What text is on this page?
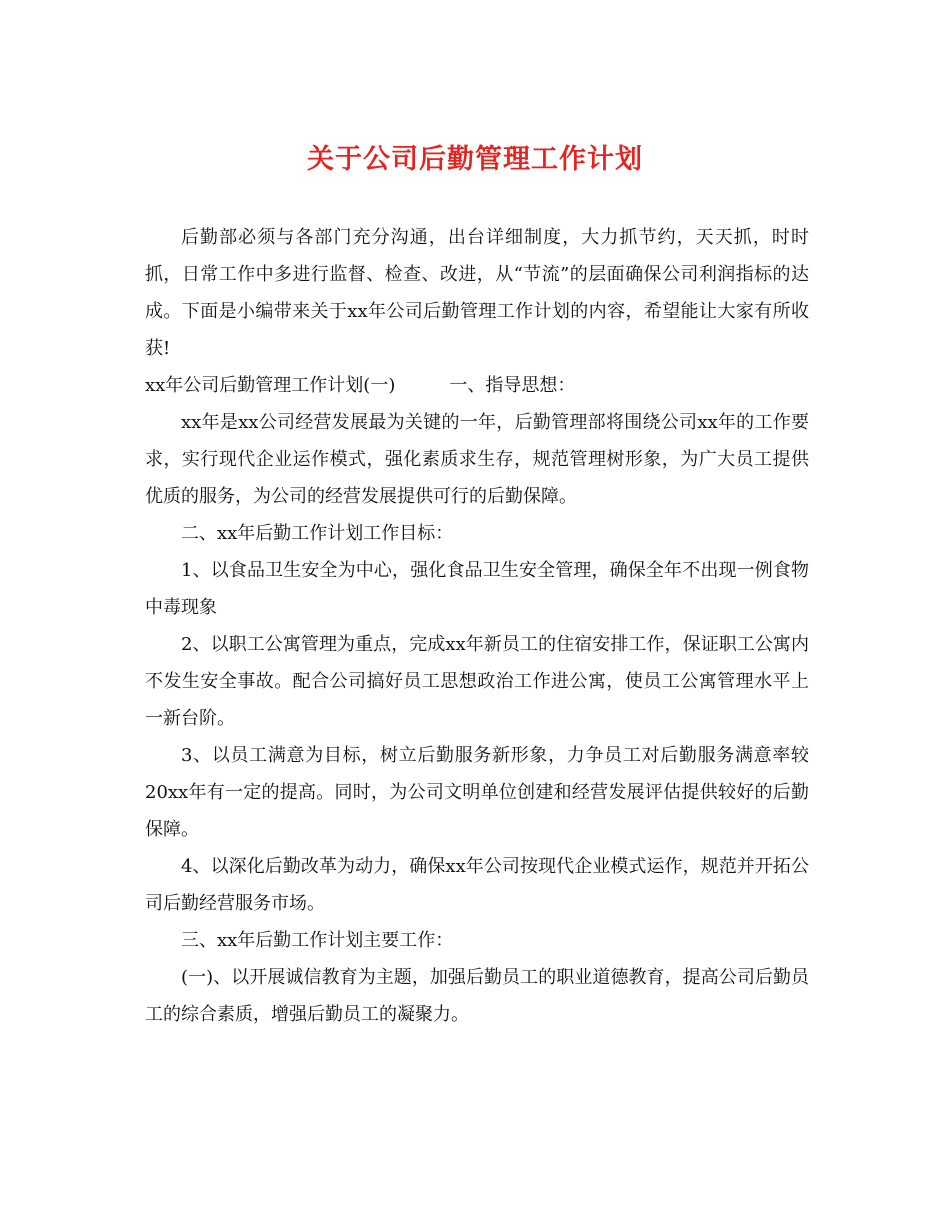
关于公司后勤管理工作计划

后勤部必须与各部门充分沟通，出台详细制度，大力抓节约，天天抓，时时抓，日常工作中多进行监督、检查、改进，从“节流”的层面确保公司利润指标的达成。下面是小编带来关于xx年公司后勤管理工作计划的内容，希望能让大家有所收获!

xx年公司后勤管理工作计划(一)　　　一、指导思想：

xx年是xx公司经营发展最为关键的一年，后勤管理部将围绕公司xx年的工作要求，实行现代企业运作模式，强化素质求生存，规范管理树形象，为广大员工提供优质的服务，为公司的经营发展提供可行的后勤保障。

二、xx年后勤工作计划工作目标：

1、以食品卫生安全为中心，强化食品卫生安全管理，确保全年不出现一例食物中毒现象

2、以职工公寓管理为重点，完成xx年新员工的住宿安排工作，保证职工公寓内不发生安全事故。配合公司搞好员工思想政治工作进公寓，使员工公寓管理水平上一新台阶。

3、以员工满意为目标，树立后勤服务新形象，力争员工对后勤服务满意率较20xx年有一定的提高。同时，为公司文明单位创建和经营发展评估提供较好的后勤保障。

4、以深化后勤改革为动力，确保xx年公司按现代企业模式运作，规范并开拓公司后勤经营服务市场。

三、xx年后勤工作计划主要工作：

(一)、以开展诚信教育为主题，加强后勤员工的职业道德教育，提高公司后勤员工的综合素质，增强后勤员工的凝聚力。
